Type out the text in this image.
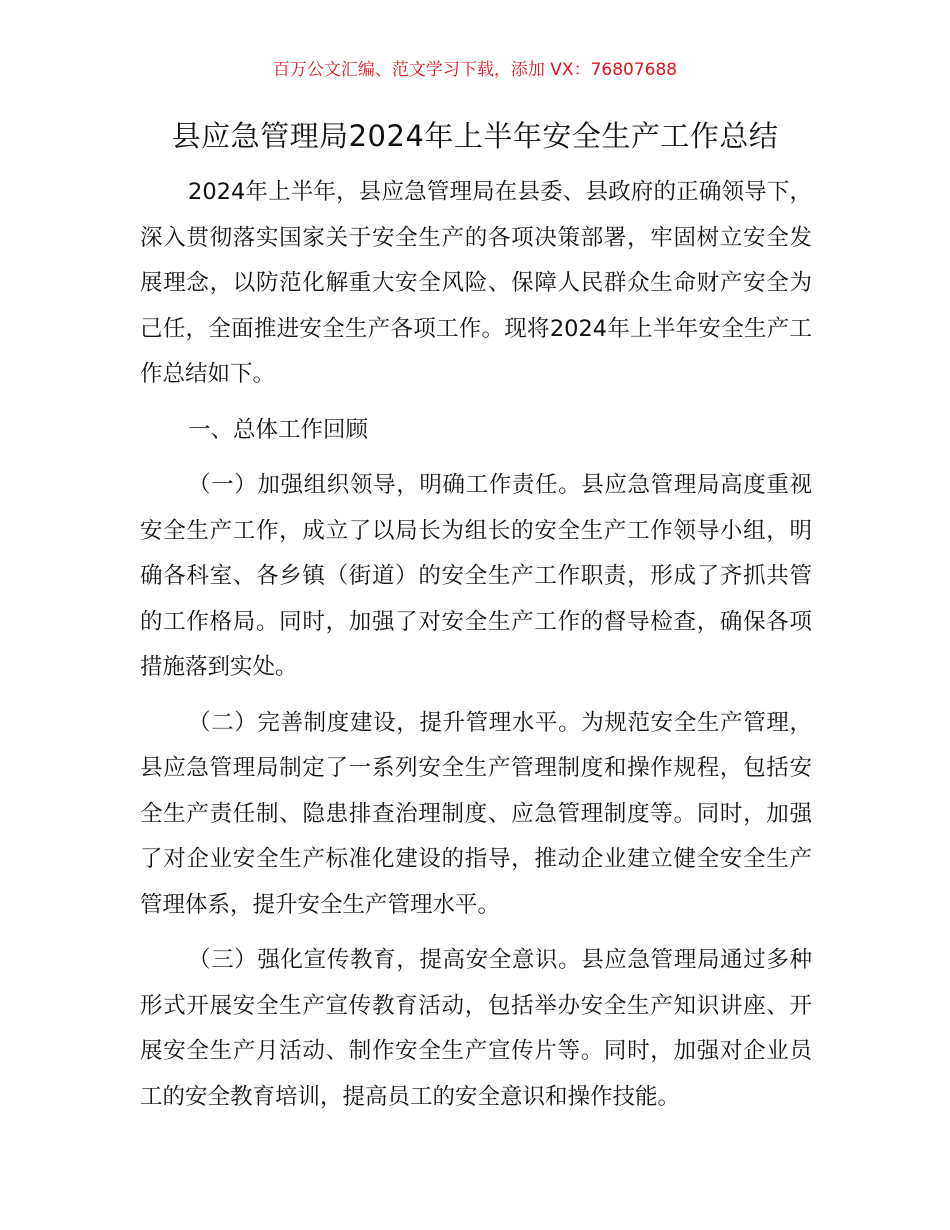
百万公文汇编、范文学习下载，添加 VX：76807688
县应急管理局2024年上半年安全生产工作总结

2024年上半年，县应急管理局在县委、县政府的正确领导下，深入贯彻落实国家关于安全生产的各项决策部署，牢固树立安全发展理念，以防范化解重大安全风险、保障人民群众生命财产安全为己任，全面推进安全生产各项工作。现将2024年上半年安全生产工作总结如下。

一、总体工作回顾

（一）加强组织领导，明确工作责任。县应急管理局高度重视安全生产工作，成立了以局长为组长的安全生产工作领导小组，明确各科室、各乡镇（街道）的安全生产工作职责，形成了齐抓共管的工作格局。同时，加强了对安全生产工作的督导检查，确保各项措施落到实处。

（二）完善制度建设，提升管理水平。为规范安全生产管理，县应急管理局制定了一系列安全生产管理制度和操作规程，包括安全生产责任制、隐患排查治理制度、应急管理制度等。同时，加强了对企业安全生产标准化建设的指导，推动企业建立健全安全生产管理体系，提升安全生产管理水平。

（三）强化宣传教育，提高安全意识。县应急管理局通过多种形式开展安全生产宣传教育活动，包括举办安全生产知识讲座、开展安全生产月活动、制作安全生产宣传片等。同时，加强对企业员工的安全教育培训，提高员工的安全意识和操作技能。
